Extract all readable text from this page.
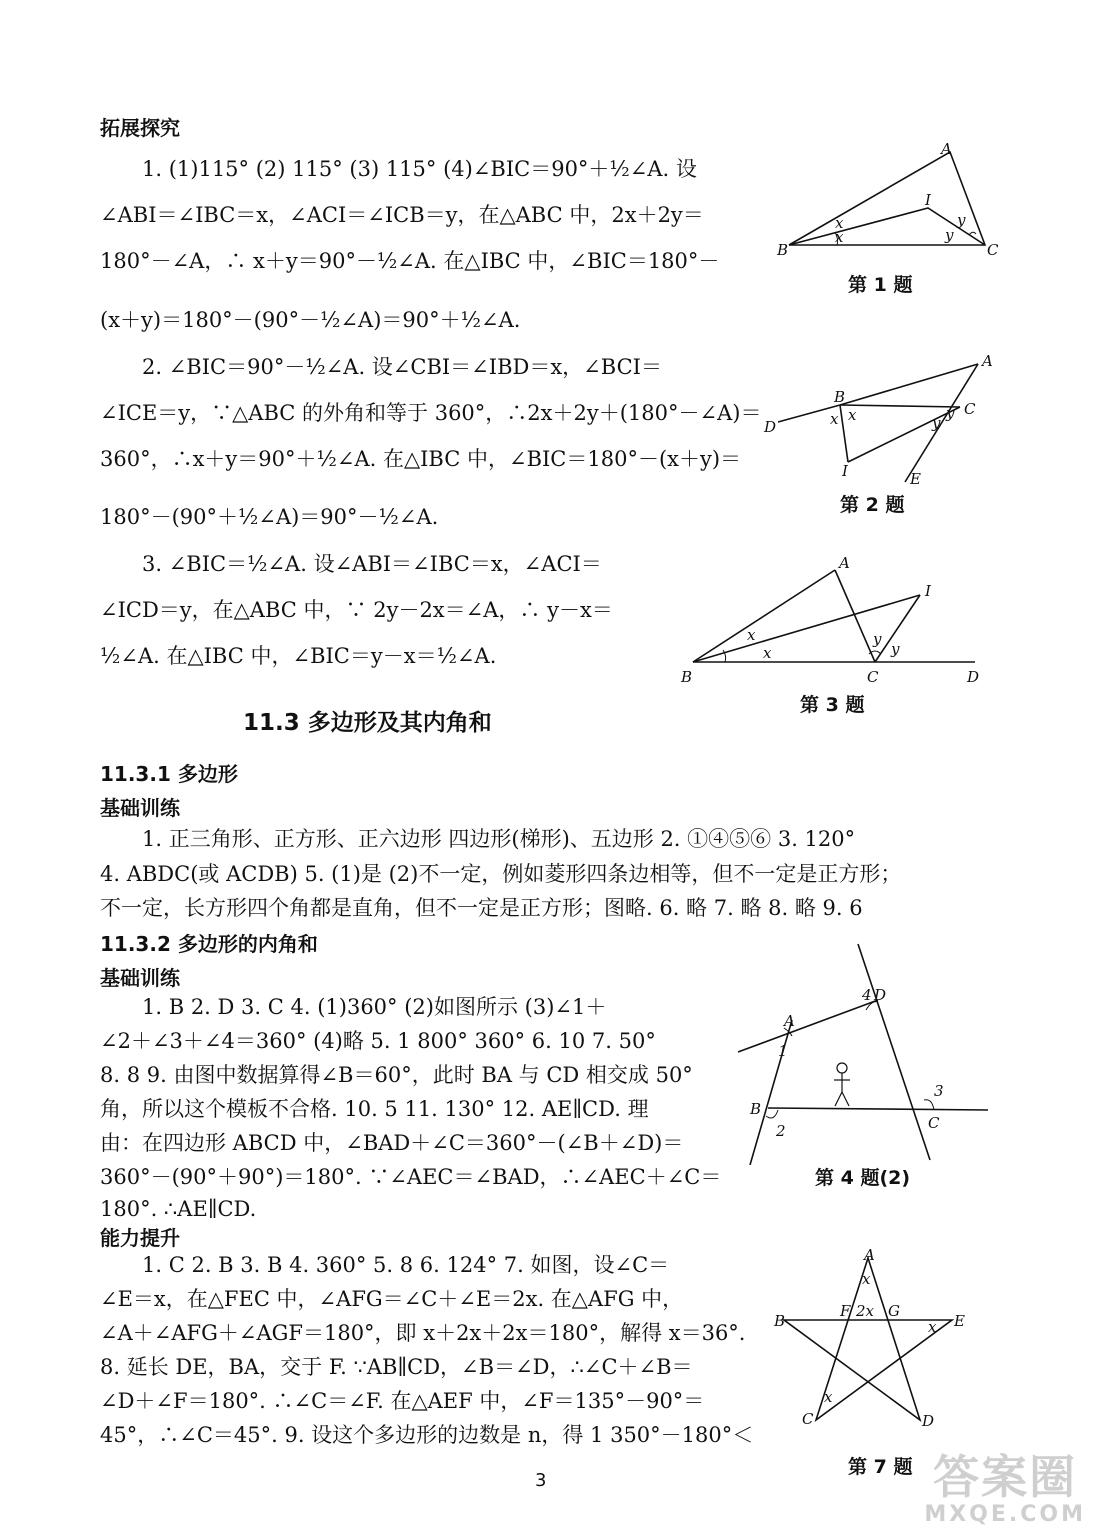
拓展探究
1. (1)115° (2) 115° (3) 115° (4)∠BIC＝90°＋½∠A. 设
∠ABI＝∠IBC＝x，∠ACI＝∠ICB＝y，在△ABC 中，2x＋2y＝
180°－∠A，∴ x＋y＝90°－½∠A. 在△IBC 中，∠BIC＝180°－
(x＋y)＝180°－(90°－½∠A)＝90°＋½∠A.
2. ∠BIC＝90°－½∠A. 设∠CBI＝∠IBD＝x，∠BCI＝
∠ICE＝y，∵△ABC 的外角和等于 360°，∴2x＋2y＋(180°－∠A)＝
360°，∴x＋y＝90°＋½∠A. 在△IBC 中，∠BIC＝180°－(x＋y)＝
180°－(90°＋½∠A)＝90°－½∠A.
3. ∠BIC＝½∠A. 设∠ABI＝∠IBC＝x，∠ACI＝
∠ICD＝y，在△ABC 中，∵ 2y－2x＝∠A，∴ y－x＝
½∠A. 在△IBC 中，∠BIC＝y－x＝½∠A.
11.3 多边形及其内角和
11.3.1 多边形
基础训练
1. 正三角形、正方形、正六边形 四边形(梯形)、五边形 2. ①④⑤⑥ 3. 120°
4. ABDC(或 ACDB) 5. (1)是 (2)不一定，例如菱形四条边相等，但不一定是正方形；
不一定，长方形四个角都是直角，但不一定是正方形；图略. 6. 略 7. 略 8. 略 9. 6
11.3.2 多边形的内角和
基础训练
1. B 2. D 3. C 4. (1)360° (2)如图所示 (3)∠1＋
∠2＋∠3＋∠4＝360° (4)略 5. 1 800° 360° 6. 10 7. 50°
8. 8 9. 由图中数据算得∠B＝60°，此时 BA 与 CD 相交成 50°
角，所以这个模板不合格. 10. 5 11. 130° 12. AE∥CD. 理
由：在四边形 ABCD 中，∠BAD＋∠C＝360°－(∠B＋∠D)＝
360°－(90°＋90°)＝180°. ∵∠AEC＝∠BAD，∴∠AEC＋∠C＝
180°. ∴AE∥CD.
能力提升
1. C 2. B 3. B 4. 360° 5. 8 6. 124° 7. 如图，设∠C＝
∠E＝x，在△FEC 中，∠AFG＝∠C＋∠E＝2x. 在△AFG 中，
∠A＋∠AFG＋∠AGF＝180°，即 x＋2x＋2x＝180°，解得 x＝36°.
8. 延长 DE，BA，交于 F. ∵AB∥CD，∠B＝∠D，∴∠C＋∠B＝
∠D＋∠F＝180°. ∴∠C＝∠F. 在△AEF 中，∠F＝135°－90°＝
45°，∴∠C＝45°. 9. 设这个多边形的边数是 n，得 1 350°－180°＜
A
B	C
I
x
x
y
y
第 1 题
A
B
C
D
E
I
x x	y
y
第 2 题
A
B	C	D
I
x
x
y
y
第 3 题
A
B
C
D
1
2
3
4
第 4 题(2)
A
B
C	D
E
F	G
x
2x
x
x
第 7 题
3	答案圈
MXQE.COM
